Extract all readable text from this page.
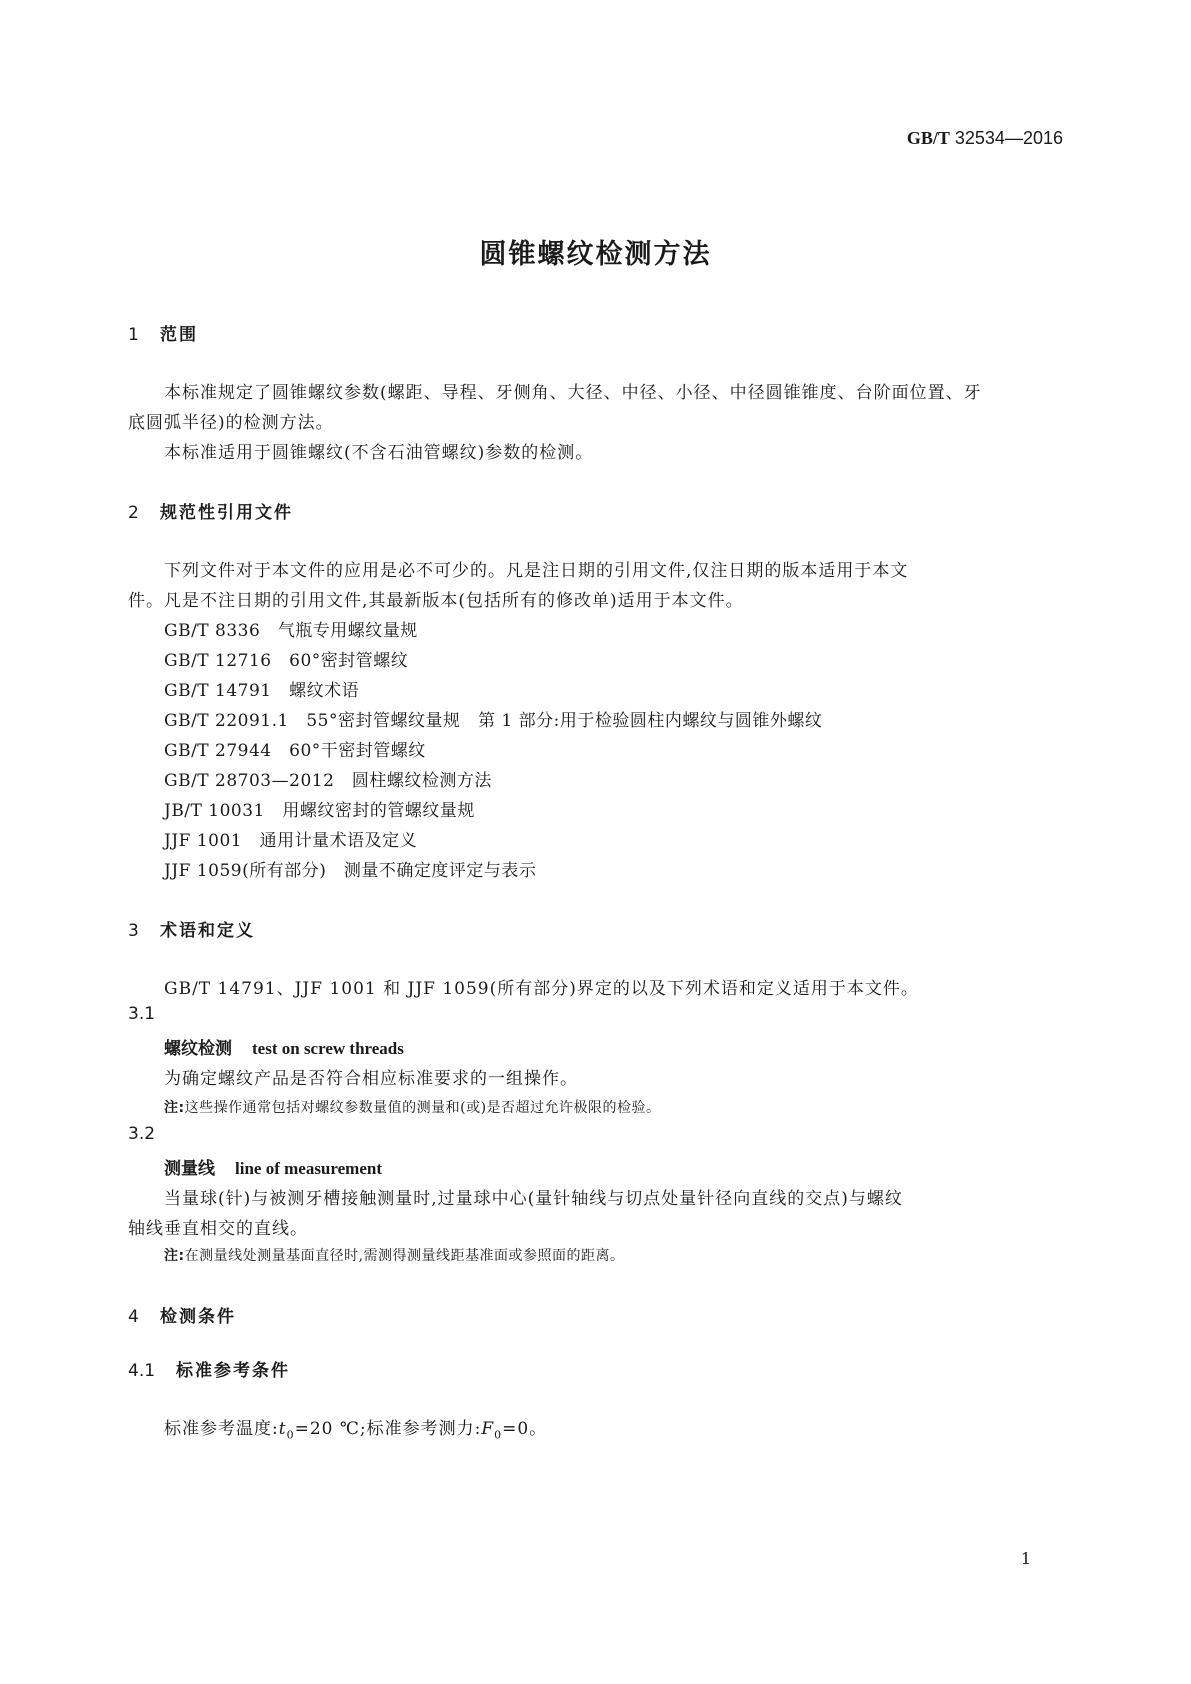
GB/T 32534—2016
圆锥螺纹检测方法
1 范围
本标准规定了圆锥螺纹参数(螺距、导程、牙侧角、大径、中径、小径、中径圆锥锥度、台阶面位置、牙
底圆弧半径)的检测方法。
本标准适用于圆锥螺纹(不含石油管螺纹)参数的检测。
2 规范性引用文件
下列文件对于本文件的应用是必不可少的。凡是注日期的引用文件,仅注日期的版本适用于本文
件。凡是不注日期的引用文件,其最新版本(包括所有的修改单)适用于本文件。
GB/T 8336　 气瓶专用螺纹量规
GB/T 12716　 60°密封管螺纹
GB/T 14791　 螺纹术语
GB/T 22091.1　 55°密封管螺纹量规　第 1 部分:用于检验圆柱内螺纹与圆锥外螺纹
GB/T 27944　 60°干密封管螺纹
GB/T 28703—2012　 圆柱螺纹检测方法
JB/T 10031　 用螺纹密封的管螺纹量规
JJF 1001　 通用计量术语及定义
JJF 1059(所有部分)　 测量不确定度评定与表示
3 术语和定义
GB/T 14791、JJF 1001 和 JJF 1059(所有部分)界定的以及下列术语和定义适用于本文件。
3.1
螺纹检测 test on screw threads
为确定螺纹产品是否符合相应标准要求的一组操作。
注:这些操作通常包括对螺纹参数量值的测量和(或)是否超过允许极限的检验。
3.2
测量线 line of measurement
当量球(针)与被测牙槽接触测量时,过量球中心(量针轴线与切点处量针径向直线的交点)与螺纹
轴线垂直相交的直线。
注:在测量线处测量基面直径时,需测得测量线距基准面或参照面的距离。
4 检测条件
4.1 标准参考条件
标准参考温度$:t_0=20$ ℃;标准参考测力$:F_0=0$。
1
